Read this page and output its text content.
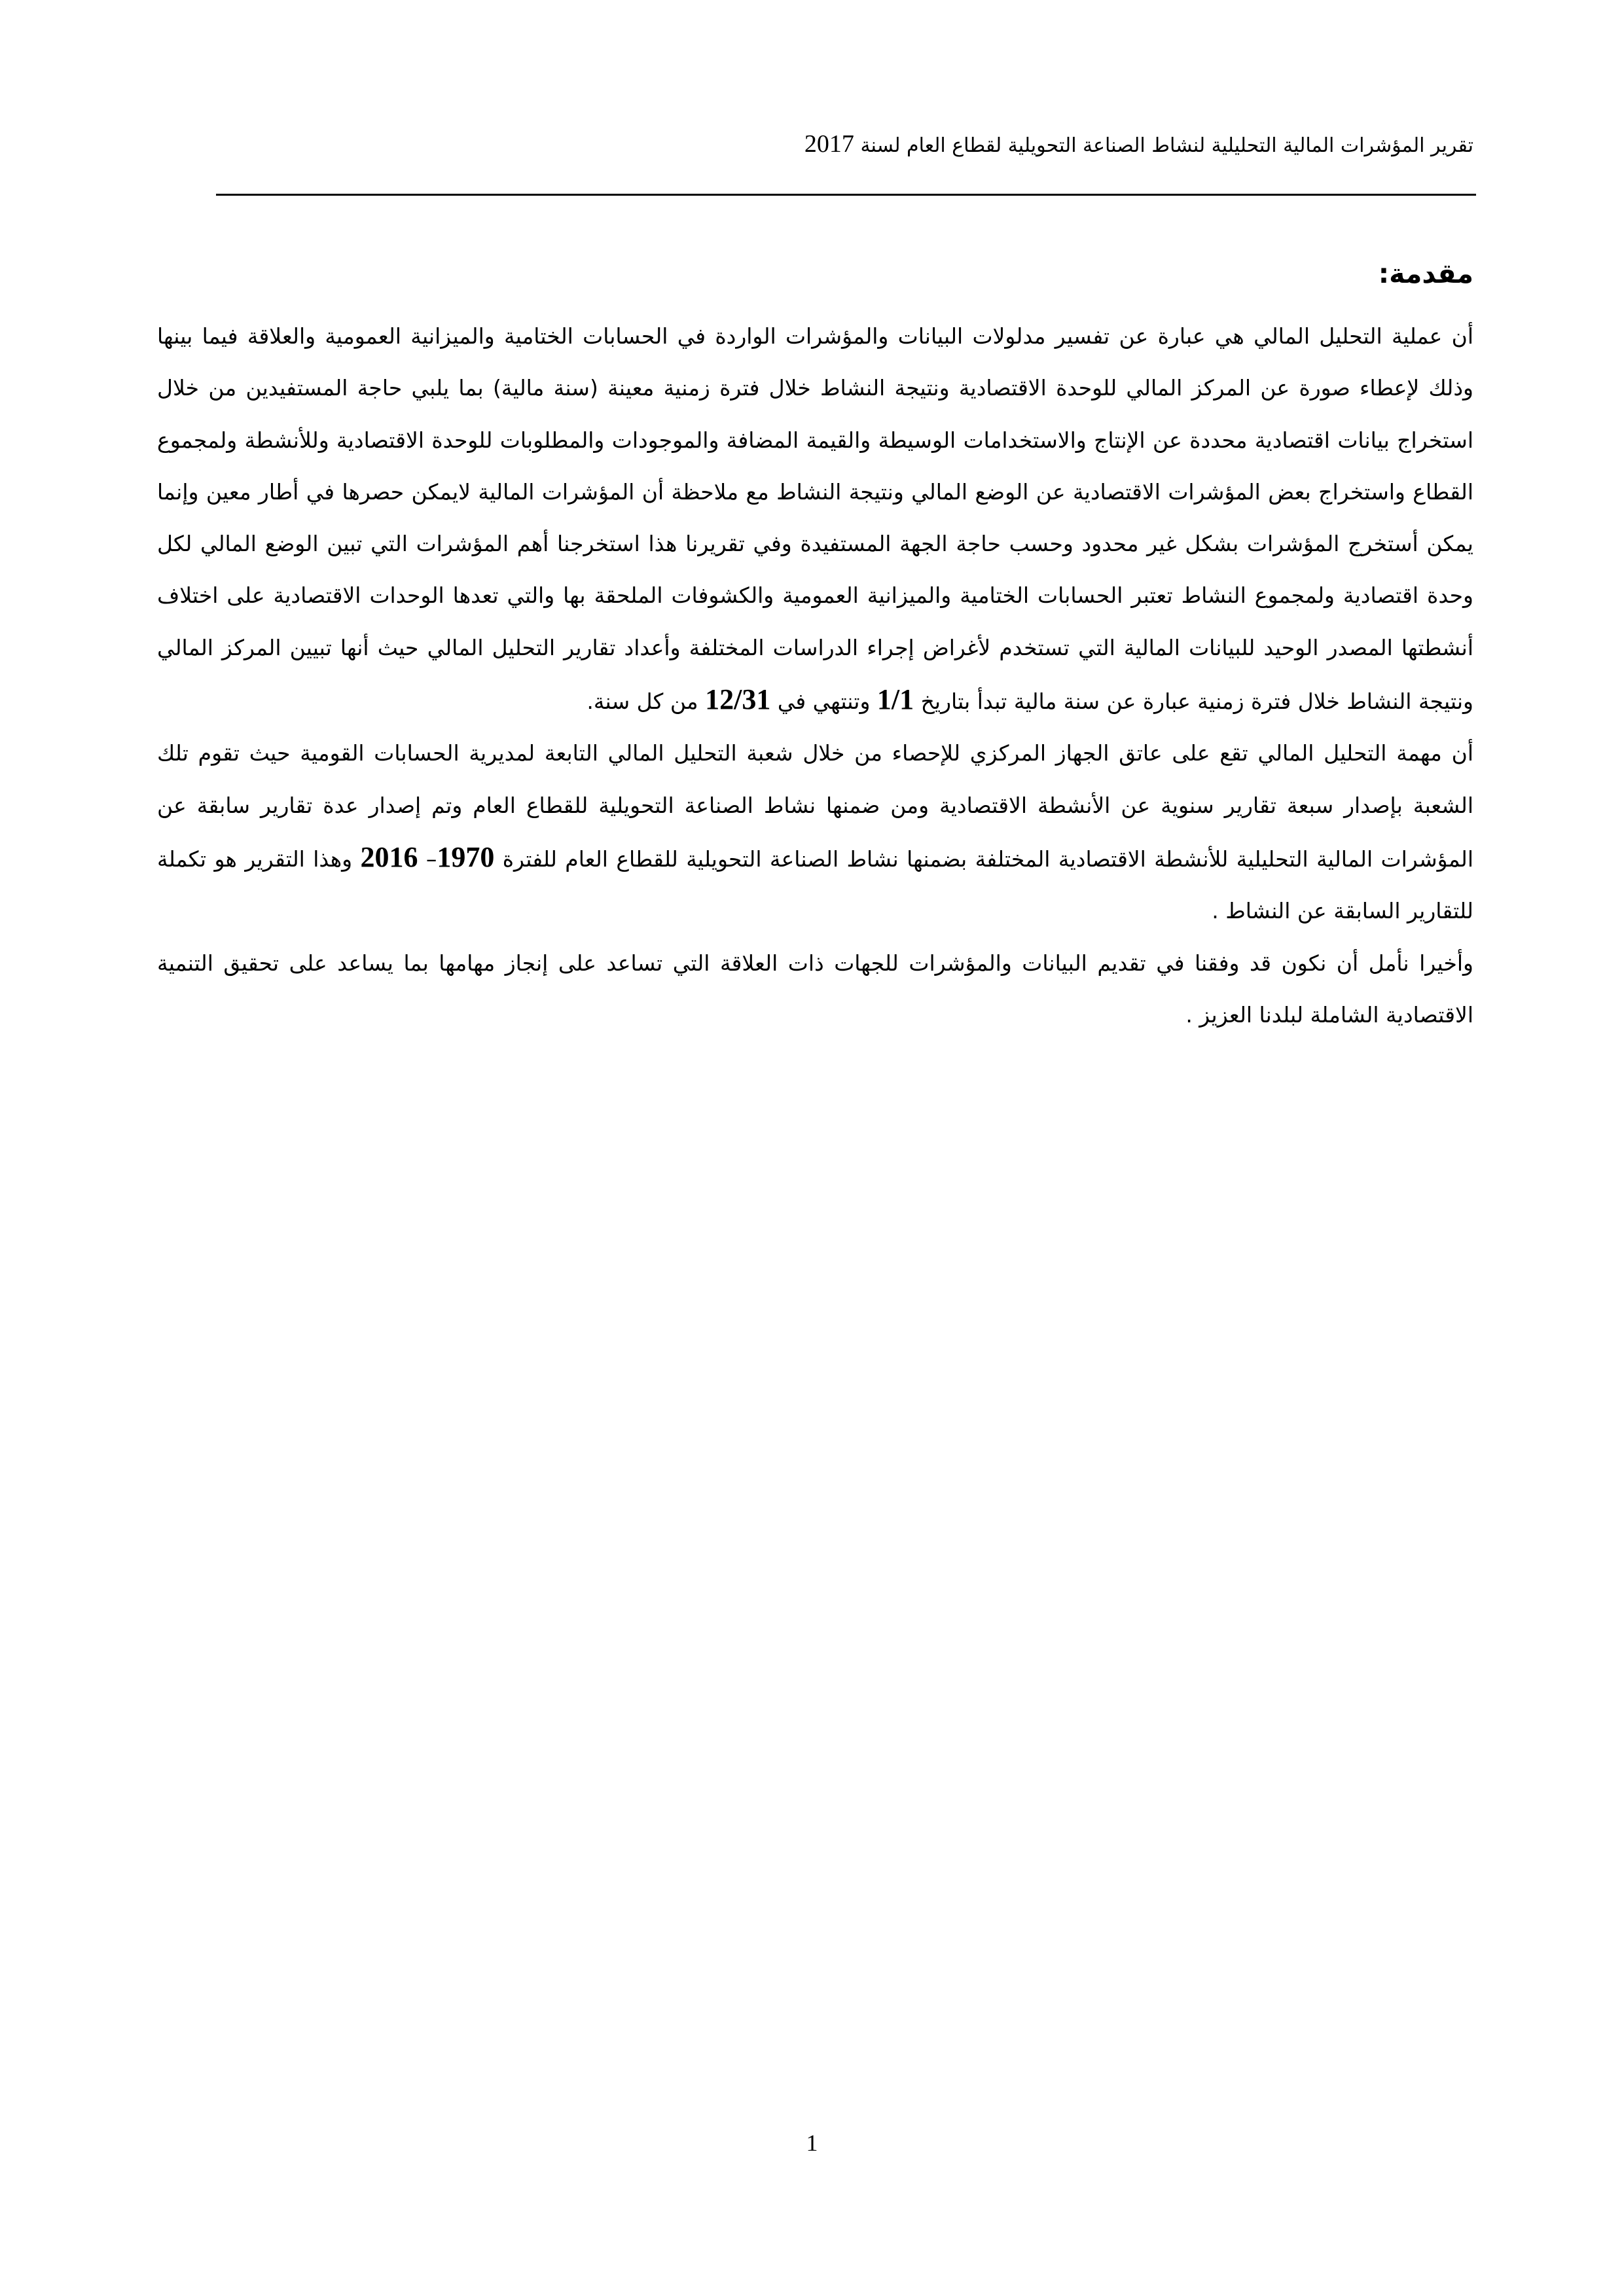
تقرير المؤشرات المالية التحليلية لنشاط الصناعة التحويلية لقطاع العام لسنة 2017
مقدمة:

أن عملية التحليل المالي هي عبارة عن تفسير مدلولات البيانات والمؤشرات الواردة في الحسابات الختامية والميزانية العمومية والعلاقة فيما بينها وذلك لإعطاء صورة عن المركز المالي للوحدة الاقتصادية ونتيجة النشاط خلال فترة زمنية معينة (سنة مالية) بما يلبي حاجة المستفيدين من خلال استخراج بيانات اقتصادية محددة عن الإنتاج والاستخدامات الوسيطة والقيمة المضافة والموجودات والمطلوبات للوحدة الاقتصادية وللأنشطة ولمجموع القطاع واستخراج بعض المؤشرات الاقتصادية عن الوضع المالي ونتيجة النشاط مع ملاحظة أن المؤشرات المالية لايمكن حصرها في أطار معين وإنما يمكن أستخرج المؤشرات بشكل غير محدود وحسب حاجة الجهة المستفيدة وفي تقريرنا هذا استخرجنا أهم المؤشرات التي تبين الوضع المالي لكل وحدة اقتصادية ولمجموع النشاط تعتبر الحسابات الختامية والميزانية العمومية والكشوفات الملحقة بها والتي تعدها الوحدات الاقتصادية على اختلاف أنشطتها المصدر الوحيد للبيانات المالية التي تستخدم لأغراض إجراء الدراسات المختلفة وأعداد تقارير التحليل المالي حيث أنها تبيين المركز المالي ونتيجة النشاط خلال فترة زمنية عبارة عن سنة مالية تبدأ بتاريخ 1/1 وتنتهي في 12/31 من كل سنة.

أن مهمة التحليل المالي تقع على عاتق الجهاز المركزي للإحصاء من خلال شعبة التحليل المالي التابعة لمديرية الحسابات القومية حيث تقوم تلك الشعبة بإصدار سبعة تقارير سنوية عن الأنشطة الاقتصادية ومن ضمنها نشاط الصناعة التحويلية للقطاع العام وتم إصدار عدة تقارير سابقة عن المؤشرات المالية التحليلية للأنشطة الاقتصادية المختلفة بضمنها نشاط الصناعة التحويلية للقطاع العام للفترة 1970– 2016 وهذا التقرير هو تكملة للتقارير السابقة عن النشاط .

وأخيرا نأمل أن نكون قد وفقنا في تقديم البيانات والمؤشرات للجهات ذات العلاقة التي تساعد على إنجاز مهامها بما يساعد على تحقيق التنمية الاقتصادية الشاملة لبلدنا العزيز .

1
